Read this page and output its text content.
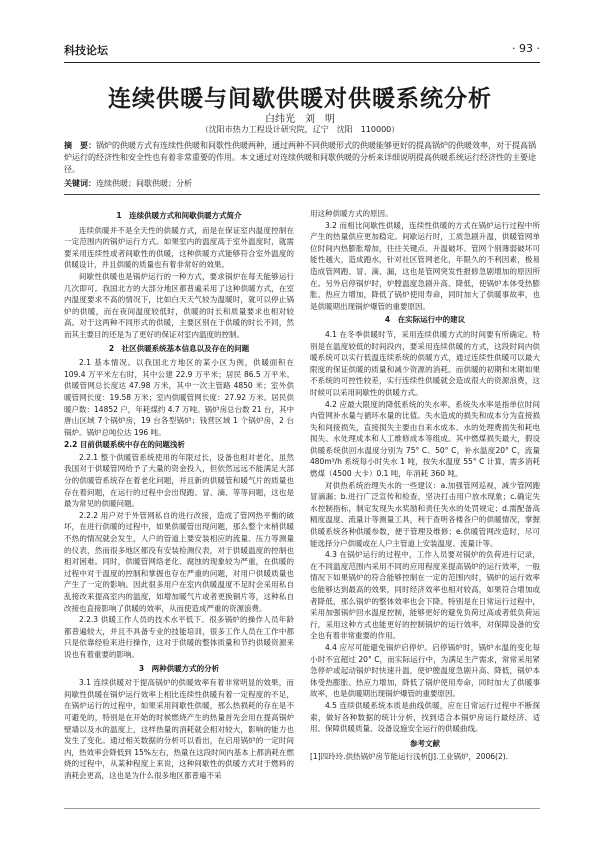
科技论坛	· 93 ·
连续供暖与间歇供暖对供暖系统分析
白纬光　刘　明
（沈阳市热力工程设计研究院，辽宁　沈阳　110000）
摘　要：锅炉的供暖方式有连续性供暖和间歇性供暖两种，通过两种不同供暖形式的供暖能够更好的提高锅炉的供暖效率，对于提高锅炉运行的经济性和安全性也有着非常重要的作用。本文通过对连续供暖和间歇供暖的分析来详细说明提高供暖系统运行经济性的主要途径。
关键词：连续供暖；间歇供暖；分析
1　连续供暖方式和间歇供暖方式简介
连续供暖并不是全天性的供暖方式，而是在保证室内温度控制在一定范围内的锅炉运行方式。如果室内的温度高于室外温度时，就需要采用连续性或者间歇性的供暖，这种供暖方式能够符合室外温度的供暖设计，并且供暖的质量也有着非常好的效果。
间歇性供暖也是锅炉运行的一种方式，要求锅炉在每天能够运行几次即可。我国北方的大部分地区都普遍采用了这种供暖方式，在室内温度要求不高的情况下，比如白天天气较为温暖时，就可以停止锅炉的供暖，而在夜间温度较低时，供暖的时长和质量要求也相对较高。对于这两种不同形式的供暖，主要区别在于供暖的时长不同，然而其主要目的还是为了更好的保证对室内温度的控制。
2　社区供暖系统基本信息以及存在的问题
2.1 基本情况。以我国北方地区的某小区为例，供暖面积在109.4 万平米左右时，其中公建 22.9 万平米；居民 86.5 万平米。供暖管网总长度达 47.98 万米，其中一次主管路 4850 米；室外供暖管网长度：19.58 万米；室内供暖管网长度：27.92 万米。居民供暖户数：14852 户，年耗煤约 4.7 万吨。锅炉房总台数 21 台，其中唐山区域 7个锅炉房，19 台各型锅炉；钱营区域 1 个锅炉房，2 台锅炉。锅炉总吨位达 196 吨。
2.2 目前供暖系统中存在的问题浅析
2.2.1 整个供暖管系统使用的年限过长，设备也相对老化，虽然我国对于供暖管网给予了大量的资金投入，但依然远远不能满足大部分的供暖管系统存在着老化问题，并且新的供暖管和暖气片的质量也存在着问题，在运行的过程中会出现跑、冒、滴、等等问题，这也是最为常见的供暖问题。
2.2.2 用户对于外管网私自的进行改接，造成了管网热平衡的破坏，在进行供暖的过程中，如果供暖管出现问题，那么整个末梢供暖不热的情况就会发生，人户的管道上要安装相应的流量、压力等测量的仪表，然而很多地区都没有安装检测仪表，对于供暖温度的控制也相对困难。同时，供暖管网络老化、腐蚀的现象较为严重，在供暖的过程中对于温度的控制和掌握也存在严重的问题，对用户供暖质量也产生了一定的影响。因此很多用户在室内供暖温度不足时会采用私自乱接改来提高室内的温度，如增加暖气片或者更换铜片等，这种私自改接也直接影响了供暖的效率，从而使造成严重的资源浪费。
2.2.3 供暖工作人员的技术水平低下。很多锅炉的操作人员年龄都普遍较大，并且不具备专业的技能培训，很多工作人员在工作中都只是依靠经验来进行操作，这对于供暖的整体质量和节约供暖资源来说也有着重要的影响。
3　两种供暖方式的分析
3.1 连续供暖对于提高锅炉的供暖效率有着非常明显的效果，而间歇性供暖在锅炉运行效率上相比连续性供暖有着一定程度的不足，在锅炉运行的过程中，如果采用间歇性供暖，那么热损耗的存在是不可避免的，特别是在开始的时候燃烧产生的热量首先会用在提高锅炉壁墙以及水的温度上，这样热量的消耗就会相对较大，影响的能力也发生了变化。通过相关数据的分析可以看出，在启用锅炉的一定时间内，热效率会降低到 15%左右，热量在这段时间内基本上都消耗在燃烧的过程中，从某种程度上来说，这种间歇性的供暖方式对于燃料的消耗会更高，这也是为什么很多地区都普遍不采
用这种供暖方式的原因。
3.2 而相比间歇性供暖，连续性供暖的方式在锅炉运行过程中所产生的热量供应更加稳定。间歇运行时，工质急剧升温，供暖管网单位时间内热膨胀增加，往往关键点、升温破坏、管网个别薄弱破坏可能性越大，造成跑水，针对社区管网老化，年限久的不利因素，极易造成管网跑、冒、滴、漏，这也是管网突发性报修急剧增加的原因所在。另外启停锅炉时，炉膛温度急剧升高、降低，使锅炉本体受热膨胀、热应力增加，降低了锅炉使用寿命，同时加大了供暖事故率，也是供暖期出现锅炉爆管的重要原因。
4　在实际运行中的建议
4.1 在冬季供暖时节，采用连续供暖方式的时间要有所确定。特别是在温度较低的时间段内，要采用连续供暖的方式，这段时间内供暖系统可以实行低温连续系统的供暖方式，通过连续性供暖可以最大限度的保证供暖的质量和减少资源的消耗。而供暖的初期和末期如果不系统的可控性较差，实行连续性供暖就会造成很大的资源浪费，这时候可以采用间歇性的供暖方式。
4.2 应最大限度的降低系统的失水率。系统失水率是指单位时间内管网补水量与循环水量的比值。失水造成的损失和成本分为直接损失和间接损失，直接损失主要由自来水成本、水的处理费损失和耗电损失、水处理成本和人工维修成本等组成。其中燃煤损失最大，假设供暖系统供回水温度分别为 75° C、50° C，补水温度20° C，流量 480m³/h 系统每小时失水 1 吨，按失水温度 55° C 计算，需多消耗燃煤（4500 大卡）0.1 吨，年消耗 360 吨。
对供热系统治理失水的一些建议：a.加强管网巡视，减少管网跑冒滴漏；b.进行广泛宣传和检查，坚决打击用户放水现象；c.确定失水控制指标，制定发现失水奖励和责任失水的处罚规定；d.需配备高精度温度、流量计等测量工具，利于查明各楼各户的供暖情况，掌握供暖系统各种供暖参数，便于管理及维修；e.供暖管网改造时，尽可能选择分户供暖或在人户主管道上安装温度、流量计等。
4.3 在锅炉运行的过程中，工作人员要对锅炉的负荷进行记录，在不同温度范围内采用不同的应用程度来提高锅炉的运行效率，一般情况下如果锅炉的符合能够控制在一定的范围内时，锅炉的运行效率也能够达到最高的效果，同时经济效率也相对较高，如果符合增加或者降低，那么锅炉的整体效率也会下降。特别是在日常运行过程中，采用加强锅炉回水温度控制，能够更好的避免负荷过高或者低负荷运行，采用这种方式也能更好的控制锅炉的运行效率，对保障设备的安全也有着非常重要的作用。
4.4 应尽可能避免锅炉启停炉。启停锅炉时，锅炉水温的变化每小时不宜超过 20° C，而实际运行中，为满足生产需求，常常采用紧急停炉或起动锅炉时快速升温，使炉膛温度急剧升高、降低，锅炉本体受热膨胀、热应力增加，降低了锅炉使用寿命，同时加大了供暖事故率，也是供暖期出现锅炉爆管的重要原因。
4.5 连续供暖系统本质是曲线供暖，应在日常运行过程中不断探索，做好各种数据的统计分析，找到适合本锅炉房运行最经济、适用、保障供暖质量、设备设施安全运行的供暖曲线。
参考文献
[1]四玲玲.供热锅炉房节能运行浅析[J].工业锅炉，2006(2).
